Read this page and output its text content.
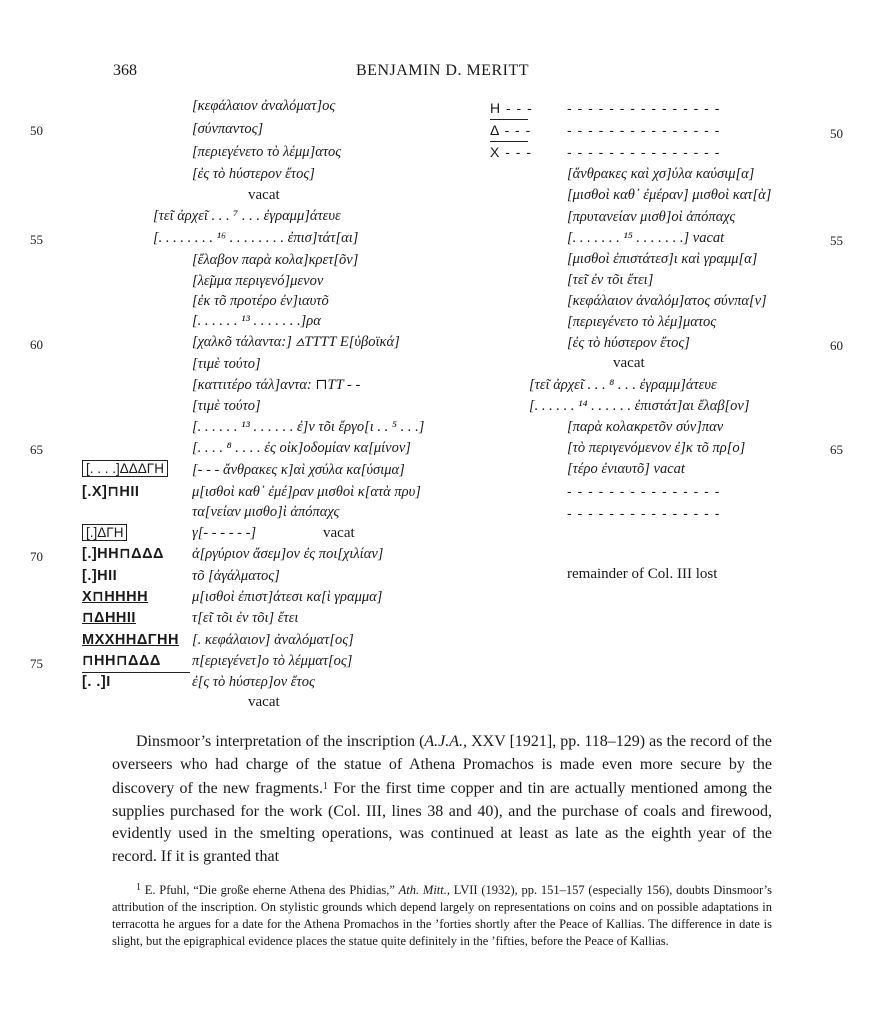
368	BENJAMIN D. MERITT
50
55
60
65
70
75
50
55
60
65
[κεφάλαιον ἀναλόματ]ος
[σύνπαντος]
[περιεγένετο τὸ λέμμ]ατος
[ἐς τὸ hύστερον ἔτος]
vacat
[τε̃ι ἀρχε̃ι . . . ⁷ . . . ἐγραμμ]άτευε
[. . . . . . . . ¹⁶ . . . . . . . . ἐπισ]τάτ[αι]
[ἔλαβον παρὰ κολα]κρετ[õν]
[λε̃μμα περιγενό]μενον
[ἐκ τõ προτέρο ἐν]ιαυτõ
[. . . . . . ¹³ . . . . . . .]ρα
[χαλκõ τάλαντα:] ⩟ΤΤΤΤ Ε[ὐβοϊκά]
[τιμὲ τούτο]
[καττιτέρο τάλ]αντα: ⊓ΤΤ - -
[τιμὲ τούτο]
[. . . . . . ¹³ . . . . . . ἐ]ν τõι ἔργο[ι . . ⁵ . . .]
[. . . . ⁸ . . . . ἐς οἰκ]οδομίαν κα[μίνον]
[- - - ἄνθρακες κ]αὶ χσύλα κα[ύσιμα]
μ[ισθοὶ καθ᾽ ἐμέ]ραν μισθοὶ κ[ατὰ πρυ]
τα[νείαν μισθο]ὶ ἀπόπαχς
γ[- - - - - -]	vacat
ἀ[ργύριον ἄσεμ]ον ἐς ποι[χιλίαν]
τõ [ἀγάλματος]
μ[ισθοὶ ἐπιστ]άτεσι κα[ὶ γραμμα]
τ[ε̃ι τõι ἐν τõι] ἔτει
[. κεφάλαιον] ἀναλόματ[ος]
π[εριεγένετ]ο τὸ λέμματ[ος]
ἐ[ς τὸ hύστερ]ον ἔτος
vacat
[. . . .]ΔΔΔΓΗ
[.X]⊓ΗΙΙ
[.]ΔΓΗ
[.]ΗΗ⊓ΔΔΔ
[.]ΗΙΙ
Χ⊓ΗΗΗΗ
⊓ΔΗΗΙΙ
ΜΧΧΗΗΔΓΗΗ
⊓ΗΗ⊓ΔΔΔ
[. .]Ι
Η - - -
Δ - - -
Χ - - -
- - - - - - - - - - - - - - -
- - - - - - - - - - - - - - -
- - - - - - - - - - - - - - -
[ἄνθρακες καὶ χσ]ύλα καύσιμ[α]
[μισθοὶ καθ᾽ ἐμέραν] μισθοὶ κατ[ὰ]
[πρυτανείαν μισθ]οὶ ἀπόπαχς
[. . . . . . . ¹⁵ . . . . . . .] vacat
[μισθοὶ ἐπιστάτεσ]ι καὶ γραμμ[α]
[τε̃ι ἐν τõι ἔτει]
[κεφάλαιον ἀναλόμ]ατος σύνπα[ν]
[περιεγένετο τὸ λέμ]ματος
[ἐς τὸ hύστερον ἔτος]
vacat
[τε̃ι ἀρχε̃ι . . . ⁸ . . . ἐγραμμ]άτευε
[. . . . . . ¹⁴ . . . . . . ἐπιστάτ]αι ἔλαβ[ον]
[παρὰ κολακρετõν σύν]παν
[τὸ περιγενόμενον ἐ]κ τõ πρ[ο]
[τέρο ἐνιαυτõ] vacat
- - - - - - - - - - - - - - -
- - - - - - - - - - - - - - -
remainder of Col. III lost

Dinsmoor’s interpretation of the inscription (A.J.A., XXV [1921], pp. 118–129) as the record of the overseers who had charge of the statue of Athena Promachos is made even more secure by the discovery of the new fragments.$^1$ For the first time copper and tin are actually mentioned among the supplies purchased for the work (Col. III, lines 38 and 40), and the purchase of coals and firewood, evidently used in the smelting operations, was continued at least as late as the eighth year of the record. If it is granted that

$^1$ E. Pfuhl, “Die große eherne Athena des Phidias,” Ath. Mitt., LVII (1932), pp. 151–157 (especially 156), doubts Dinsmoor’s attribution of the inscription. On stylistic grounds which depend largely on representations on coins and on possible adaptations in terracotta he argues for a date for the Athena Promachos in the ’forties shortly after the Peace of Kallias. The difference in date is slight, but the epigraphical evidence places the statue quite definitely in the ’fifties, before the Peace of Kallias.
